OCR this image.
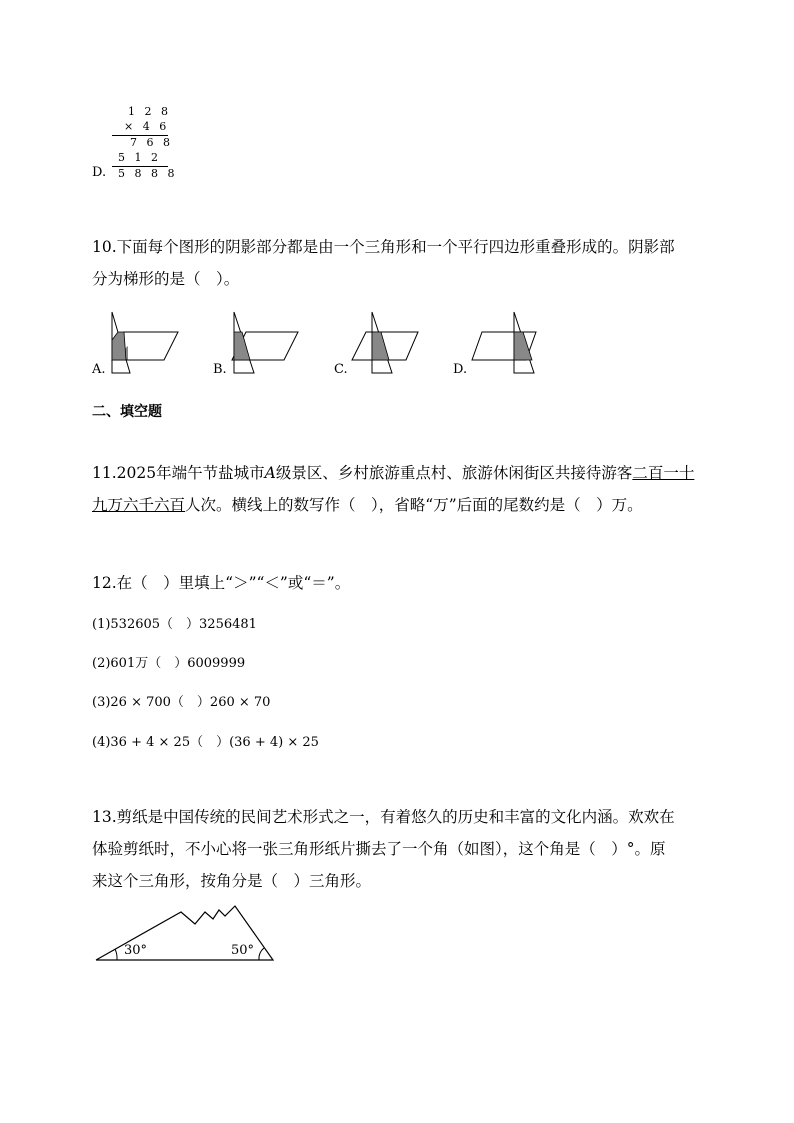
1 2 8
× 4 6
7 6 8
5 1 2
D. 5 8 8 8
10.下面每个图形的阴影部分都是由一个三角形和一个平行四边形重叠形成的。阴影部
分为梯形的是（　）。
A.	B.	C.	D.
二、填空题
11.2025年端午节盐城市A级景区、乡村旅游重点村、旅游休闲街区共接待游客二百一十
九万六千六百人次。横线上的数写作（　），省略“万”后面的尾数约是（　）万。
12.在（　）里填上“＞”“＜”或“＝”。
(1)532605（　）3256481
(2)601万（　）6009999
(3)26 × 700（　）260 × 70
(4)36 + 4 × 25（　）(36 + 4) × 25
13.剪纸是中国传统的民间艺术形式之一，有着悠久的历史和丰富的文化内涵。欢欢在
体验剪纸时，不小心将一张三角形纸片撕去了一个角（如图），这个角是（　）°。原
来这个三角形，按角分是（　）三角形。
30°	50°
